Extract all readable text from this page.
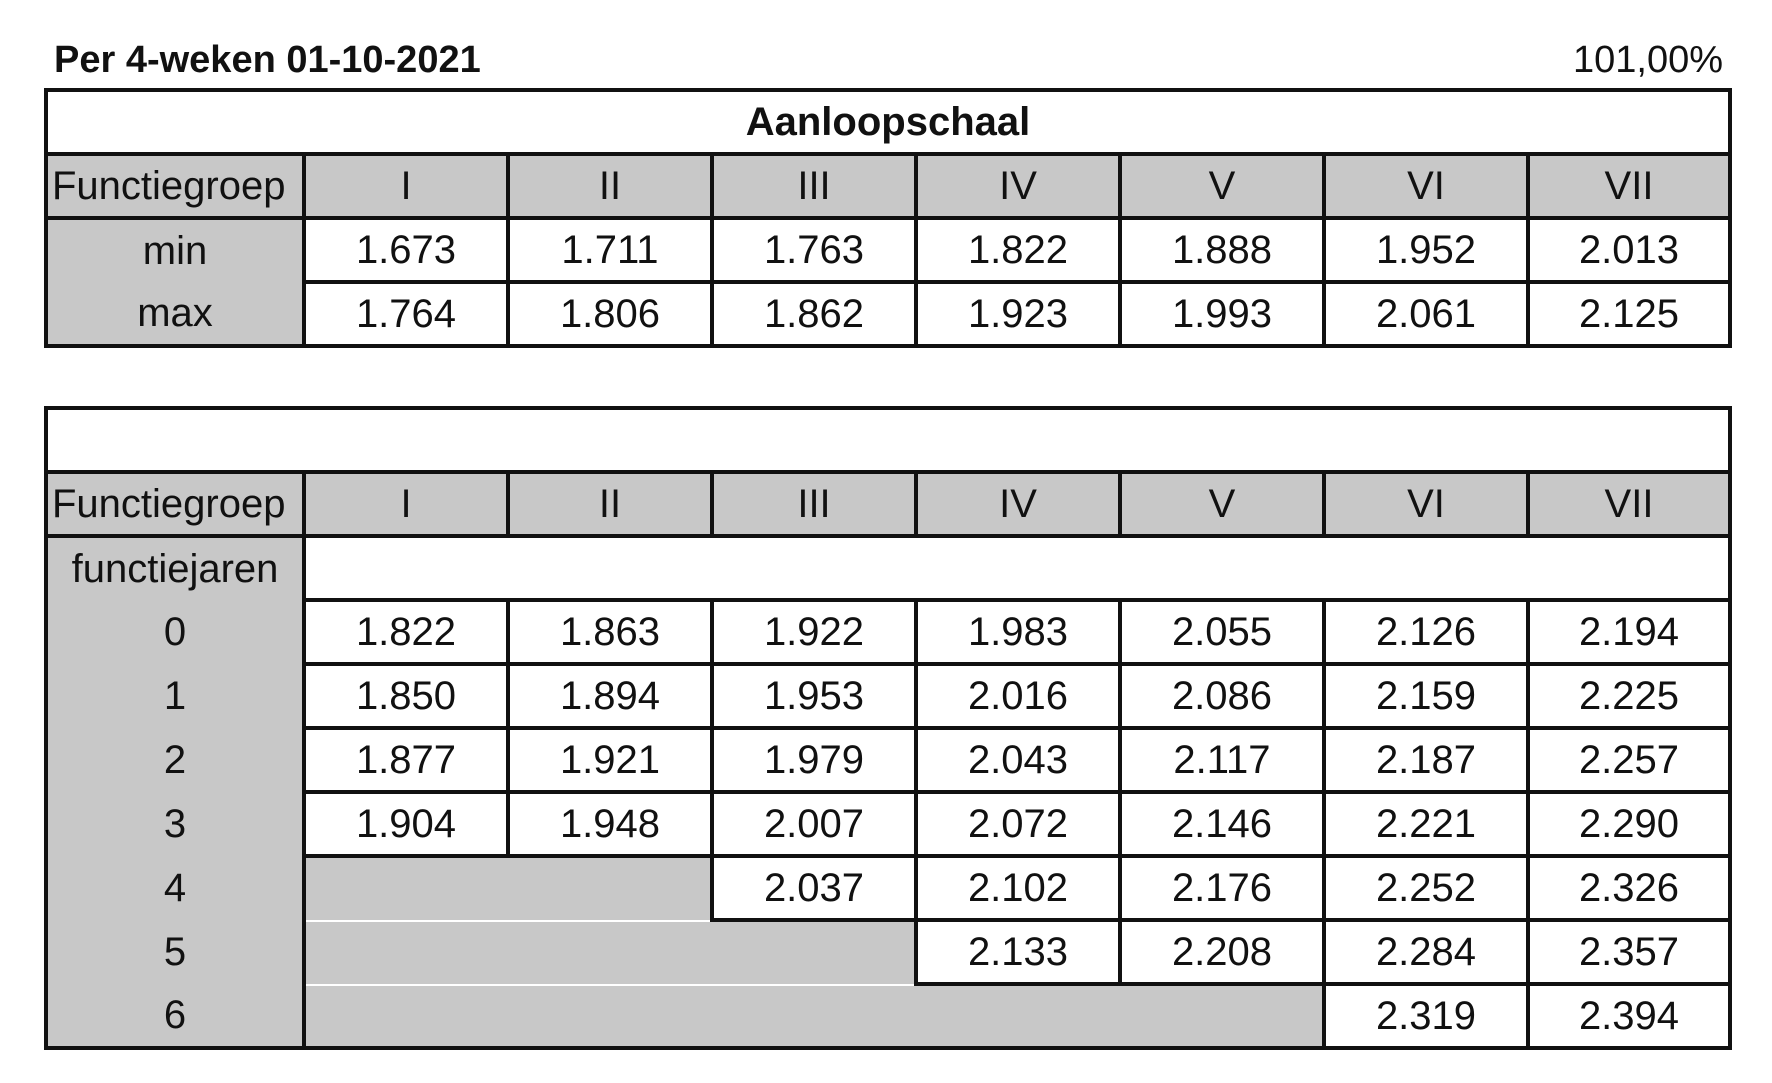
Per 4-weken 01-10-2021	101,00%
Aanloopschaal							
Functiegroep	I	II	III	IV	V	VI	VII
min	1.673	1.711	1.763	1.822	1.888	1.952	2.013
max	1.764	1.806	1.862	1.923	1.993	2.061	2.125

Functiegroep	I	II	III	IV	V	VI	VII
functiejaren							
0	1.822	1.863	1.922	1.983	2.055	2.126	2.194
1	1.850	1.894	1.953	2.016	2.086	2.159	2.225
2	1.877	1.921	1.979	2.043	2.117	2.187	2.257
3	1.904	1.948	2.007	2.072	2.146	2.221	2.290
4			2.037	2.102	2.176	2.252	2.326
5				2.133	2.208	2.284	2.357
6						2.319	2.394
